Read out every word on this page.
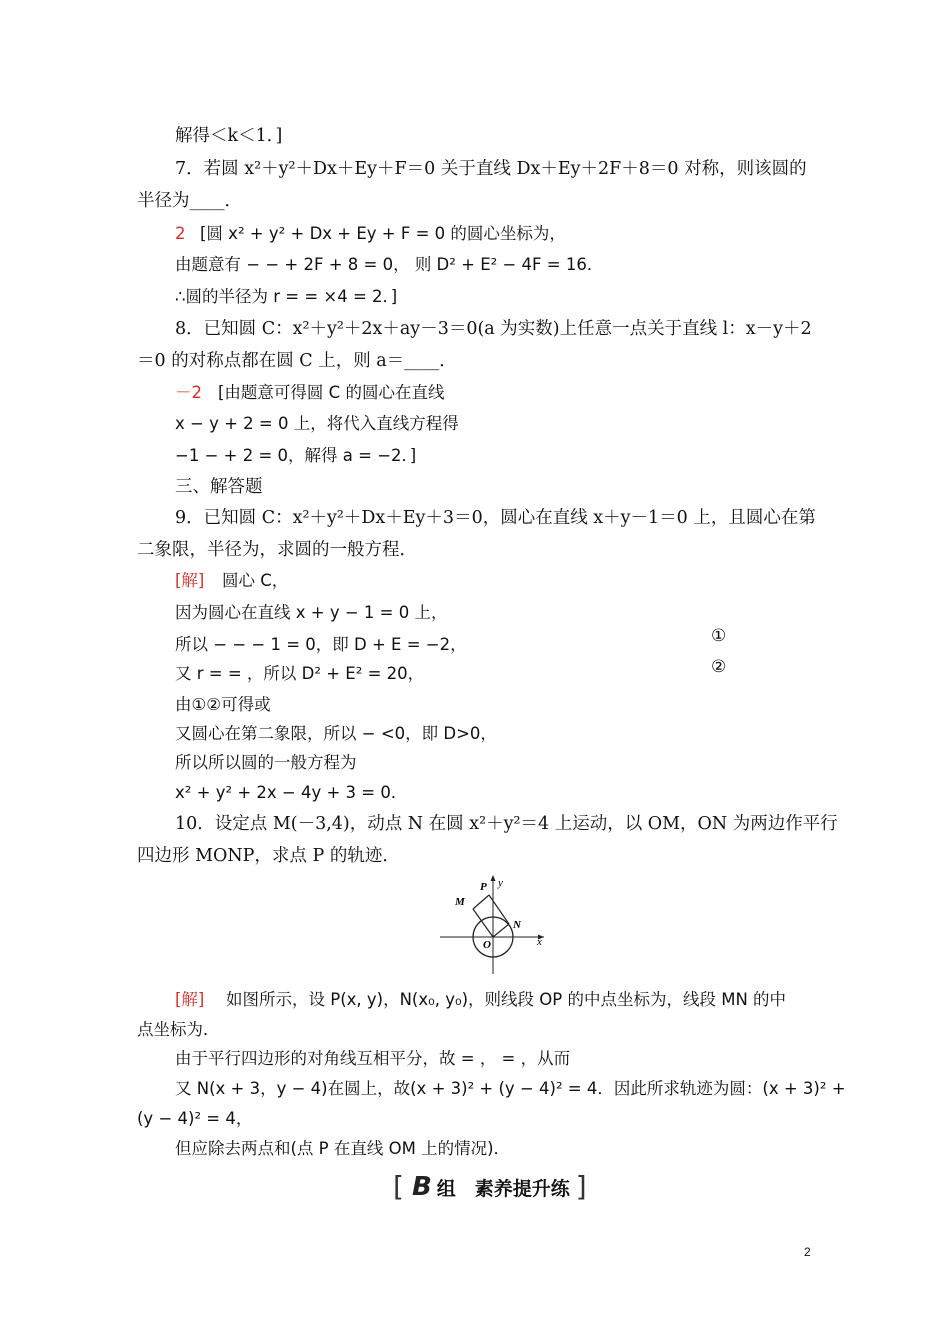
解得＜k＜1．]
7．若圆 x²＋y²＋Dx＋Ey＋F＝0 关于直线 Dx＋Ey＋2F＋8＝0 对称，则该圆的
半径为____．
2 [圆 x² + y² + Dx + Ey + F = 0 的圆心坐标为，
由题意有 − − + 2F + 8 = 0， 则 D² + E² − 4F = 16．
∴圆的半径为 r = = ×4 = 2．]
8．已知圆 C：x²＋y²＋2x＋ay－3＝0(a 为实数)上任意一点关于直线 l：x－y＋2
＝0 的对称点都在圆 C 上，则 a＝____．
－2 [由题意可得圆 C 的圆心在直线
x − y + 2 = 0 上，将代入直线方程得
−1 − + 2 = 0，解得 a = −2．]
三、解答题
9．已知圆 C：x²＋y²＋Dx＋Ey＋3＝0，圆心在直线 x＋y－1＝0 上，且圆心在第
二象限，半径为，求圆的一般方程．
[解] 圆心 C，
因为圆心在直线 x + y − 1 = 0 上，
所以 − − − 1 = 0，即 D + E = −2，	①
又 r = = ，所以 D² + E² = 20，	②
由①②可得或
又圆心在第二象限，所以 − <0，即 D>0，
所以所以圆的一般方程为
x² + y² + 2x − 4y + 3 = 0．
10．设定点 M(－3,4)，动点 N 在圆 x²＋y²＝4 上运动，以 OM，ON 为两边作平行
四边形 MONP，求点 P 的轨迹．
P y
M
N
O	x
[解] 如图所示，设 P(x, y)，N(x₀, y₀)，则线段 OP 的中点坐标为，线段 MN 的中
点坐标为．
由于平行四边形的对角线互相平分，故 = ， = ，从而
又 N(x + 3，y − 4)在圆上，故(x + 3)² + (y − 4)² = 4．因此所求轨迹为圆：(x + 3)² +
(y − 4)² = 4，
但应除去两点和(点 P 在直线 OM 上的情况)．
[ B 组　素养提升练 ]
2
